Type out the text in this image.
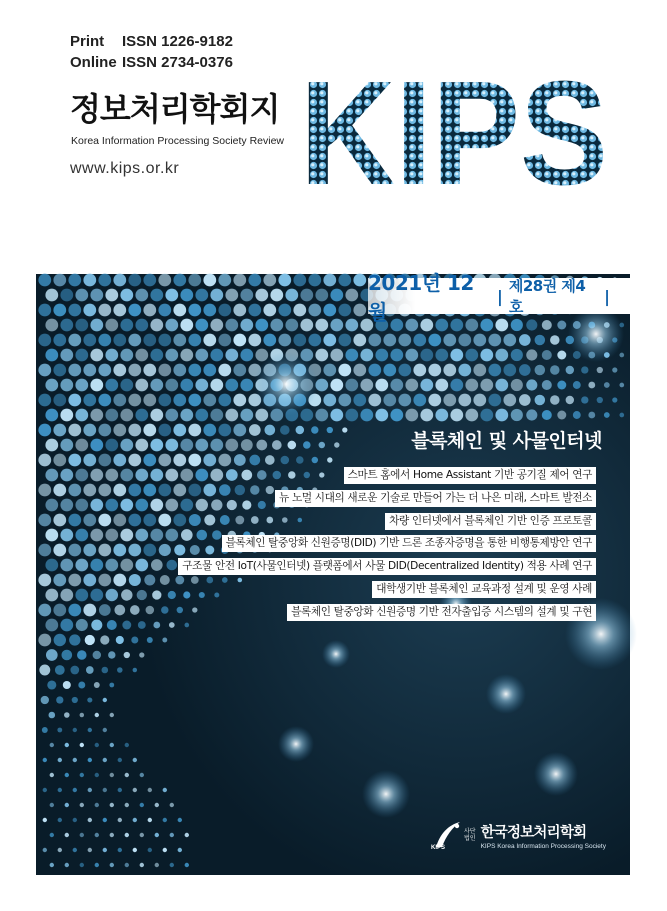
Print	ISSN 1226-9182
Online ISSN 2734-0376
정보처리학회지
Korea Information Processing Society Review
www.kips.or.kr KIPS
2021년 12월
|
제28권 제4호
|
블록체인 및 사물인터넷
스마트 홈에서 Home Assistant 기반 공기질 제어 연구
뉴 노멀 시대의 새로운 기술로 만들어 가는 더 나은 미래, 스마트 발전소
차량 인터넷에서 블록체인 기반 인증 프로토콜
블록체인 탈중앙화 신원증명(DID) 기반 드론 조종자증명을 통한 비행통제방안 연구
구조물 안전 IoT(사물인터넷) 플랫폼에서 사물 DID(Decentralized Identity) 적용 사례 연구
대학생기반 블록체인 교육과정 설계 및 운영 사례
블록체인 탈중앙화 신원증명 기반 전자출입증 시스템의 설계 및 구현
KIPS
사단
법인 한국정보처리학회
KIPS Korea Information Processing Society
